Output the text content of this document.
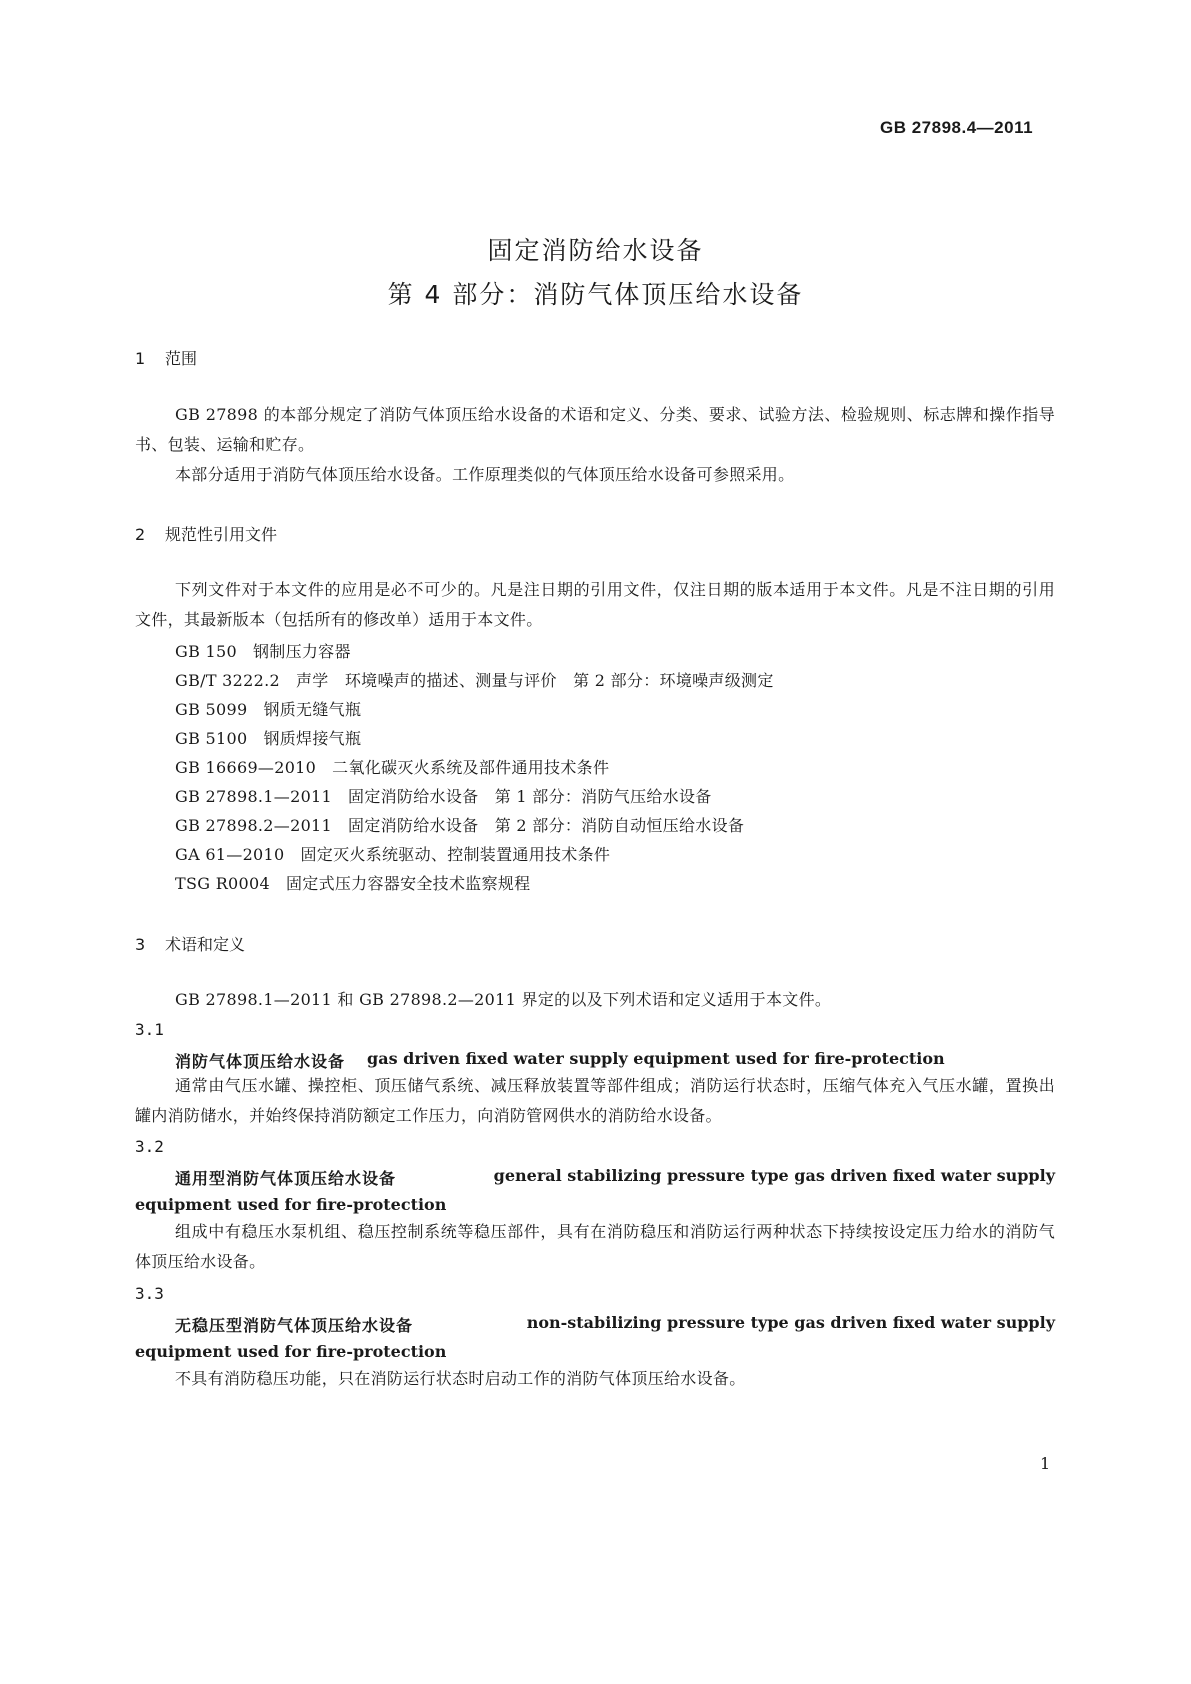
GB 27898.4—2011
固定消防给水设备
第 4 部分：消防气体顶压给水设备
1 范围
GB 27898 的本部分规定了消防气体顶压给水设备的术语和定义、分类、要求、试验方法、检验规则、标志牌和操作指导书、包装、运输和贮存。
本部分适用于消防气体顶压给水设备。工作原理类似的气体顶压给水设备可参照采用。
2 规范性引用文件
下列文件对于本文件的应用是必不可少的。凡是注日期的引用文件，仅注日期的版本适用于本文件。凡是不注日期的引用文件，其最新版本（包括所有的修改单）适用于本文件。
GB 150 钢制压力容器
GB/T 3222.2 声学　环境噪声的描述、测量与评价　第 2 部分：环境噪声级测定
GB 5099 钢质无缝气瓶
GB 5100 钢质焊接气瓶
GB 16669—2010 二氧化碳灭火系统及部件通用技术条件
GB 27898.1—2011 固定消防给水设备　第 1 部分：消防气压给水设备
GB 27898.2—2011 固定消防给水设备　第 2 部分：消防自动恒压给水设备
GA 61—2010 固定灭火系统驱动、控制装置通用技术条件
TSG R0004 固定式压力容器安全技术监察规程
3 术语和定义
GB 27898.1—2011 和 GB 27898.2—2011 界定的以及下列术语和定义适用于本文件。
3.1
消防气体顶压给水设备 gas driven fixed water supply equipment used for fire-protection
通常由气压水罐、操控柜、顶压储气系统、减压释放装置等部件组成；消防运行状态时，压缩气体充入气压水罐，置换出罐内消防储水，并始终保持消防额定工作压力，向消防管网供水的消防给水设备。
3.2
通用型消防气体顶压给水设备	general stabilizing pressure type gas driven fixed water supply
equipment used for fire-protection
组成中有稳压水泵机组、稳压控制系统等稳压部件，具有在消防稳压和消防运行两种状态下持续按设定压力给水的消防气体顶压给水设备。
3.3
无稳压型消防气体顶压给水设备	non-stabilizing pressure type gas driven fixed water supply
equipment used for fire-protection
不具有消防稳压功能，只在消防运行状态时启动工作的消防气体顶压给水设备。
1
